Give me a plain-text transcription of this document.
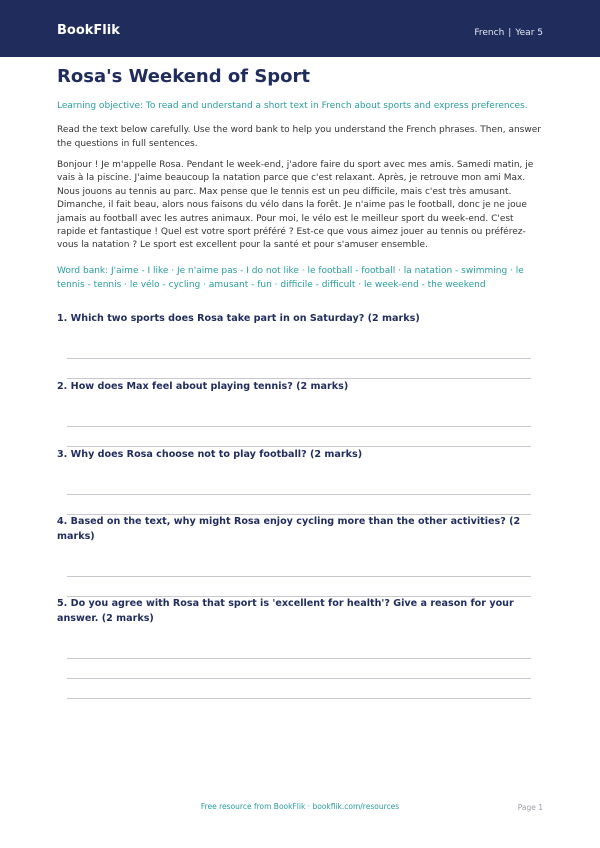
BookFlik	French | Year 5
Rosa's Weekend of Sport

Learning objective: To read and understand a short text in French about sports and express preferences.

Read the text below carefully. Use the word bank to help you understand the French phrases. Then, answer the questions in full sentences.

Bonjour ! Je m'appelle Rosa. Pendant le week-end, j'adore faire du sport avec mes amis. Samedi matin, je vais à la piscine. J'aime beaucoup la natation parce que c'est relaxant. Après, je retrouve mon ami Max. Nous jouons au tennis au parc. Max pense que le tennis est un peu difficile, mais c'est très amusant. Dimanche, il fait beau, alors nous faisons du vélo dans la forêt. Je n'aime pas le football, donc je ne joue jamais au football avec les autres animaux. Pour moi, le vélo est le meilleur sport du week-end. C'est rapide et fantastique ! Quel est votre sport préféré ? Est-ce que vous aimez jouer au tennis ou préférez-vous la natation ? Le sport est excellent pour la santé et pour s'amuser ensemble.

Word bank: J'aime - I like · Je n'aime pas - I do not like · le football - football · la natation - swimming · le tennis - tennis · le vélo - cycling · amusant - fun · difficile - difficult · le week-end - the weekend

1. Which two sports does Rosa take part in on Saturday? (2 marks)
2. How does Max feel about playing tennis? (2 marks)
3. Why does Rosa choose not to play football? (2 marks)
4. Based on the text, why might Rosa enjoy cycling more than the other activities? (2 marks)
5. Do you agree with Rosa that sport is 'excellent for health'? Give a reason for your answer. (2 marks)
Free resource from BookFlik · bookflik.com/resources	Page 1
